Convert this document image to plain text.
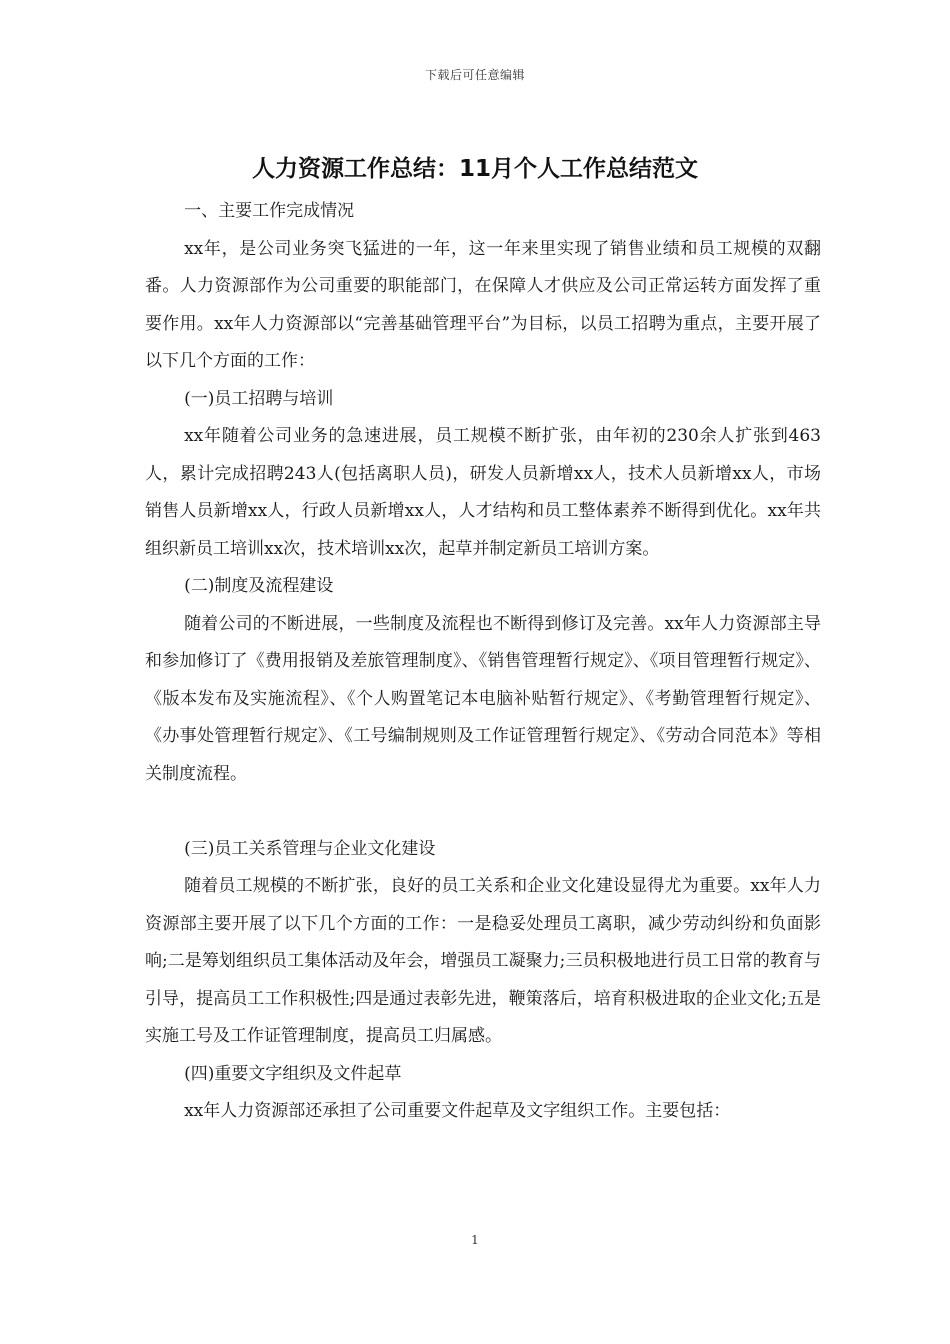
下载后可任意编辑
人力资源工作总结：11月个人工作总结范文

一、主要工作完成情况

xx年，是公司业务突飞猛进的一年，这一年来里实现了销售业绩和员工规模的双翻番。人力资源部作为公司重要的职能部门，在保障人才供应及公司正常运转方面发挥了重要作用。xx年人力资源部以“完善基础管理平台”为目标，以员工招聘为重点，主要开展了以下几个方面的工作：

(一)员工招聘与培训

xx年随着公司业务的急速进展，员工规模不断扩张，由年初的230余人扩张到463人，累计完成招聘243人(包括离职人员)，研发人员新增xx人，技术人员新增xx人，市场销售人员新增xx人，行政人员新增xx人，人才结构和员工整体素养不断得到优化。xx年共组织新员工培训xx次，技术培训xx次，起草并制定新员工培训方案。

(二)制度及流程建设

随着公司的不断进展，一些制度及流程也不断得到修订及完善。xx年人力资源部主导和参加修订了《费用报销及差旅管理制度》、《销售管理暂行规定》、《项目管理暂行规定》、《版本发布及实施流程》、《个人购置笔记本电脑补贴暂行规定》、《考勤管理暂行规定》、《办事处管理暂行规定》、《工号编制规则及工作证管理暂行规定》、《劳动合同范本》等相关制度流程。

(三)员工关系管理与企业文化建设

随着员工规模的不断扩张，良好的员工关系和企业文化建设显得尤为重要。xx年人力资源部主要开展了以下几个方面的工作：一是稳妥处理员工离职，减少劳动纠纷和负面影响;二是筹划组织员工集体活动及年会，增强员工凝聚力;三员积极地进行员工日常的教育与引导，提高员工工作积极性;四是通过表彰先进，鞭策落后，培育积极进取的企业文化;五是实施工号及工作证管理制度，提高员工归属感。

(四)重要文字组织及文件起草

xx年人力资源部还承担了公司重要文件起草及文字组织工作。主要包括：

1
